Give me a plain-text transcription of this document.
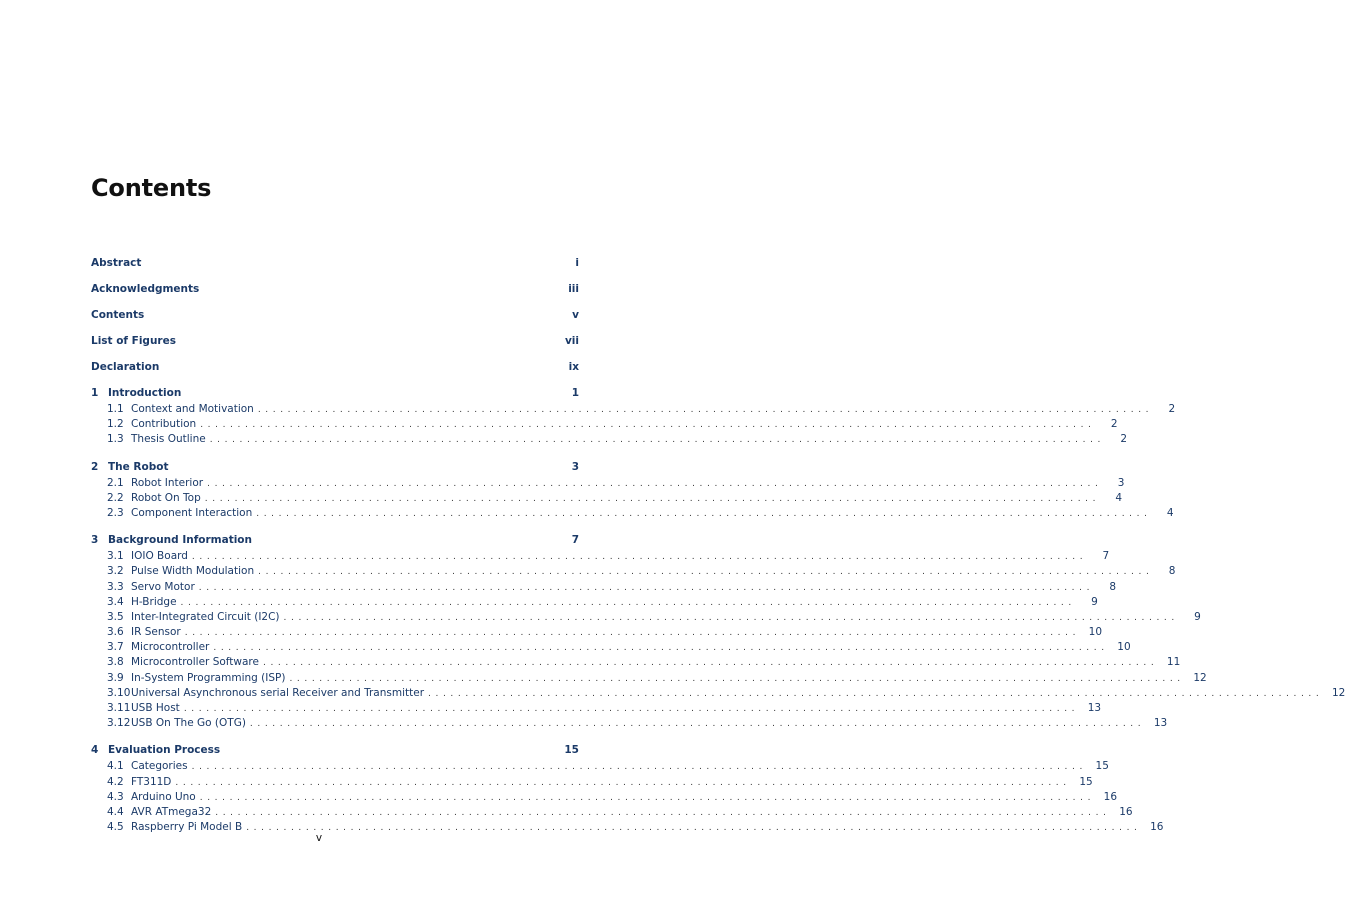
Contents
Abstract	i
Acknowledgments	iii
Contents	v
List of Figures	vii
Declaration	ix
1 Introduction	1
1.1 Context and Motivation ........................................................................................................................	2
1.2 Contribution ........................................................................................................................	2
1.3 Thesis Outline ........................................................................................................................	2
2 The Robot	3
2.1 Robot Interior ........................................................................................................................	3
2.2 Robot On Top ........................................................................................................................	4
2.3 Component Interaction ........................................................................................................................	4
3 Background Information	7
3.1 IOIO Board ........................................................................................................................	7
3.2 Pulse Width Modulation ........................................................................................................................	8
3.3 Servo Motor ........................................................................................................................	8
3.4 H-Bridge ........................................................................................................................	9
3.5 Inter-Integrated Circuit (I2C) ........................................................................................................................	9
3.6 IR Sensor ........................................................................................................................ 10
3.7 Microcontroller ........................................................................................................................ 10
3.8 Microcontroller Software ........................................................................................................................ 11
3.9 In-System Programming (ISP) ........................................................................................................................ 12
3.10 Universal Asynchronous serial Receiver and Transmitter ........................................................................................................................ 12
3.11 USB Host ........................................................................................................................ 13
3.12 USB On The Go (OTG) ........................................................................................................................ 13
4 Evaluation Process	15
4.1 Categories ........................................................................................................................ 15
4.2 FT311D ........................................................................................................................ 15
4.3 Arduino Uno ........................................................................................................................ 16
4.4 AVR ATmega32 ........................................................................................................................ 16
4.5 Raspberry Pi Model B ........................................................................................................................ 16
v
